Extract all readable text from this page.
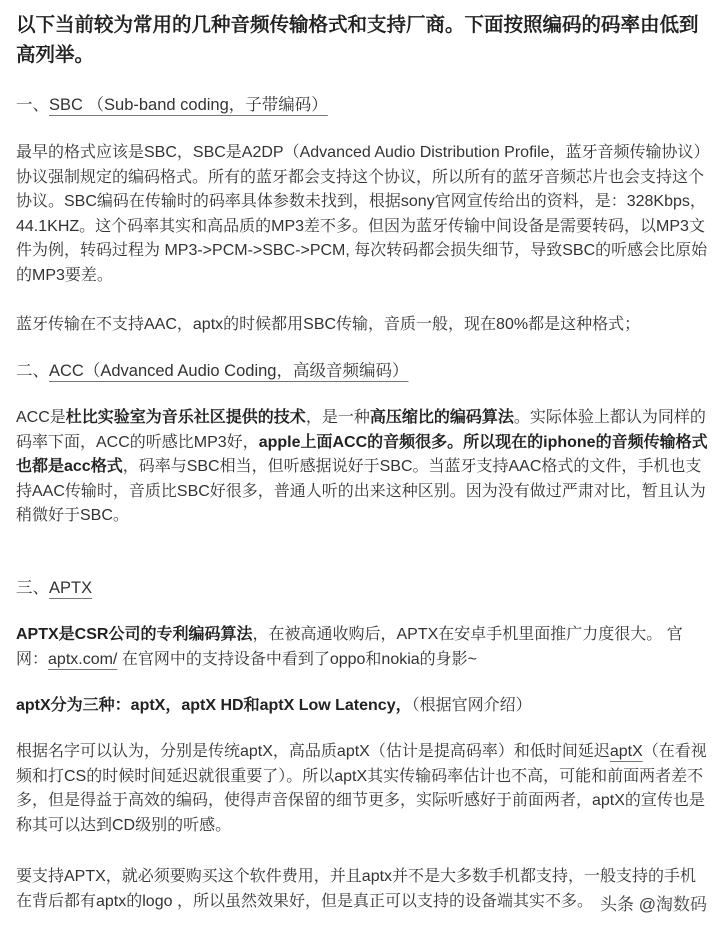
以下当前较为常用的几种音频传输格式和支持厂商。下面按照编码的码率由低到高列举。
一、SBC （Sub-band coding，子带编码）
最早的格式应该是SBC，SBC是A2DP（Advanced Audio Distribution Profile，蓝牙音频传输协议）协议强制规定的编码格式。所有的蓝牙都会支持这个协议，所以所有的蓝牙音频芯片也会支持这个协议。SBC编码在传输时的码率具体参数未找到，根据sony官网宣传给出的资料，是：328Kbps，44.1KHZ。这个码率其实和高品质的MP3差不多。但因为蓝牙传输中间设备是需要转码，以MP3文件为例，转码过程为 MP3->PCM->SBC->PCM, 每次转码都会损失细节，导致SBC的听感会比原始的MP3要差。
蓝牙传输在不支持AAC，aptx的时候都用SBC传输，音质一般，现在80%都是这种格式；
二、ACC（Advanced Audio Coding，高级音频编码）
ACC是杜比实验室为音乐社区提供的技术，是一种高压缩比的编码算法。实际体验上都认为同样的码率下面，ACC的听感比MP3好，apple上面ACC的音频很多。所以现在的iphone的音频传输格式也都是acc格式，码率与SBC相当，但听感据说好于SBC。当蓝牙支持AAC格式的文件，手机也支持AAC传输时，音质比SBC好很多，普通人听的出来这种区别。因为没有做过严肃对比，暂且认为稍微好于SBC。
三、APTX
APTX是CSR公司的专利编码算法，在被高通收购后，APTX在安卓手机里面推广力度很大。 官网：aptx.com/ 在官网中的支持设备中看到了oppo和nokia的身影~
aptX分为三种：aptX，aptX HD和aptX Low Latency，（根据官网介绍）
根据名字可以认为，分别是传统aptX，高品质aptX（估计是提高码率）和低时间延迟aptX（在看视频和打CS的时候时间延迟就很重要了）。所以aptX其实传输码率估计也不高，可能和前面两者差不多，但是得益于高效的编码，使得声音保留的细节更多，实际听感好于前面两者，aptX的宣传也是称其可以达到CD级别的听感。
要支持APTX，就必须要购买这个软件费用，并且aptx并不是大多数手机都支持，一般支持的手机在背后都有aptx的logo ，所以虽然效果好，但是真正可以支持的设备端其实不多。 头条 @淘数码
